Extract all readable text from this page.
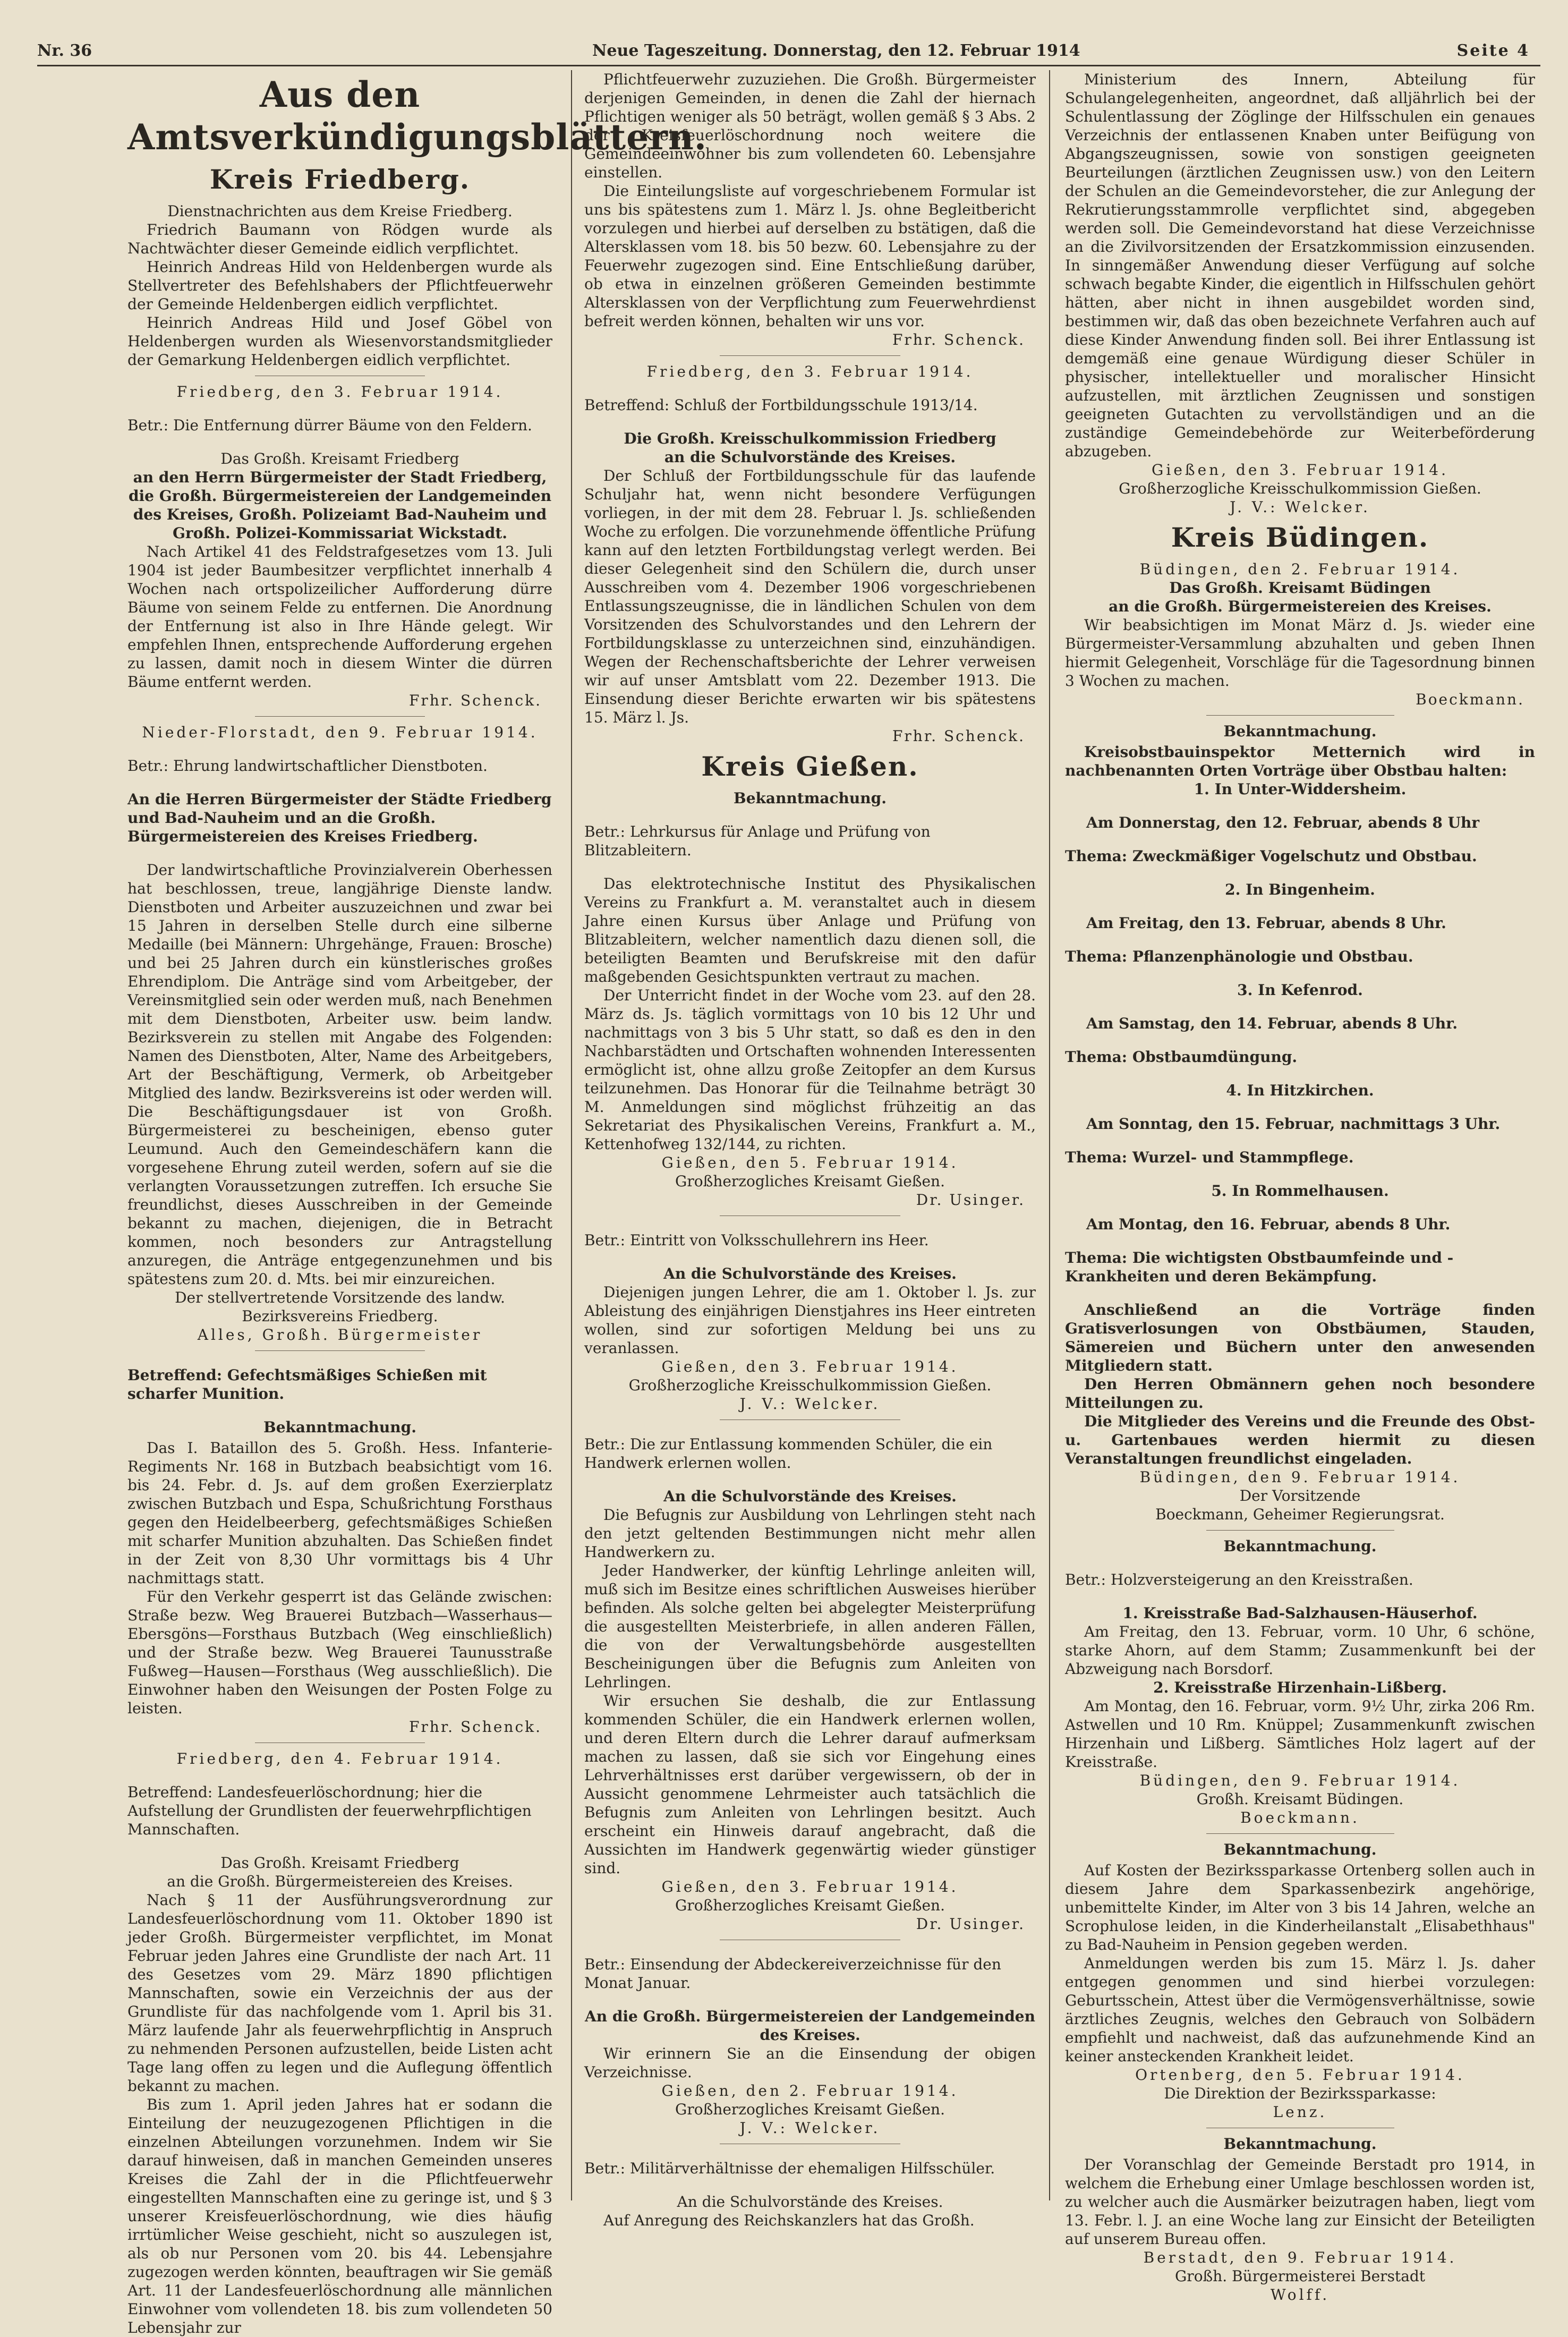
Nr. 36	Neue Tageszeitung. Donnerstag, den 12. Februar 1914	Seite 4
Aus den Amtsverkündigungsblättern.
Kreis Friedberg.

Dienstnachrichten aus dem Kreise Friedberg.

Friedrich Baumann von Rödgen wurde als Nachtwächter dieser Gemeinde eidlich verpflichtet.

Heinrich Andreas Hild von Heldenbergen wurde als Stellvertreter des Befehlshabers der Pflichtfeuerwehr der Gemeinde Heldenbergen eidlich verpflichtet.

Heinrich Andreas Hild und Josef Göbel von Heldenbergen wurden als Wiesenvorstandsmitglieder der Gemarkung Heldenbergen eidlich verpflichtet.

Friedberg, den 3. Februar 1914.

Betr.: Die Entfernung dürrer Bäume von den Feldern.

Das Großh. Kreisamt Friedberg

an den Herrn Bürgermeister der Stadt Friedberg, die Großh. Bürgermeistereien der Landgemeinden des Kreises, Großh. Polizeiamt Bad-Nauheim und Großh. Polizei-Kommissariat Wickstadt.

Nach Artikel 41 des Feldstrafgesetzes vom 13. Juli 1904 ist jeder Baumbesitzer verpflichtet innerhalb 4 Wochen nach ortspolizeilicher Aufforderung dürre Bäume von seinem Felde zu entfernen. Die Anordnung der Entfernung ist also in Ihre Hände gelegt. Wir empfehlen Ihnen, entsprechende Aufforderung ergehen zu lassen, damit noch in diesem Winter die dürren Bäume entfernt werden.

Frhr. Schenck.

Nieder-Florstadt, den 9. Februar 1914.

Betr.: Ehrung landwirtschaftlicher Dienstboten.

An die Herren Bürgermeister der Städte Friedberg und Bad-Nauheim und an die Großh. Bürgermeistereien des Kreises Friedberg.

Der landwirtschaftliche Provinzialverein Oberhessen hat beschlossen, treue, langjährige Dienste landw. Dienstboten und Arbeiter auszuzeichnen und zwar bei 15 Jahren in derselben Stelle durch eine silberne Medaille (bei Männern: Uhrgehänge, Frauen: Brosche) und bei 25 Jahren durch ein künstlerisches großes Ehrendiplom. Die Anträge sind vom Arbeitgeber, der Vereinsmitglied sein oder werden muß, nach Benehmen mit dem Dienstboten, Arbeiter usw. beim landw. Bezirksverein zu stellen mit Angabe des Folgenden: Namen des Dienstboten, Alter, Name des Arbeitgebers, Art der Beschäftigung, Vermerk, ob Arbeitgeber Mitglied des landw. Bezirksvereins ist oder werden will. Die Beschäftigungsdauer ist von Großh. Bürgermeisterei zu bescheinigen, ebenso guter Leumund. Auch den Gemeindeschäfern kann die vorgesehene Ehrung zuteil werden, sofern auf sie die verlangten Voraussetzungen zutreffen. Ich ersuche Sie freundlichst, dieses Ausschreiben in der Gemeinde bekannt zu machen, diejenigen, die in Betracht kommen, noch besonders zur Antragstellung anzuregen, die Anträge entgegenzunehmen und bis spätestens zum 20. d. Mts. bei mir einzureichen.

Der stellvertretende Vorsitzende des landw. Bezirksvereins Friedberg.

Alles, Großh. Bürgermeister

Betreffend: Gefechtsmäßiges Schießen mit scharfer Munition.

Bekanntmachung.

Das I. Bataillon des 5. Großh. Hess. Infanterie-Regiments Nr. 168 in Butzbach beabsichtigt vom 16. bis 24. Febr. d. Js. auf dem großen Exerzierplatz zwischen Butzbach und Espa, Schußrichtung Forsthaus gegen den Heidelbeerberg, gefechtsmäßiges Schießen mit scharfer Munition abzuhalten. Das Schießen findet in der Zeit von 8,30 Uhr vormittags bis 4 Uhr nachmittags statt.

Für den Verkehr gesperrt ist das Gelände zwischen: Straße bezw. Weg Brauerei Butzbach—Wasserhaus—Ebersgöns—Forsthaus Butzbach (Weg einschließlich) und der Straße bezw. Weg Brauerei Taunusstraße Fußweg—Hausen—Forsthaus (Weg ausschließlich). Die Einwohner haben den Weisungen der Posten Folge zu leisten.

Frhr. Schenck.

Friedberg, den 4. Februar 1914.

Betreffend: Landesfeuerlöschordnung; hier die Aufstellung der Grundlisten der feuerwehrpflichtigen Mannschaften.

Das Großh. Kreisamt Friedberg

an die Großh. Bürgermeistereien des Kreises.

Nach § 11 der Ausführungsverordnung zur Landesfeuerlöschordnung vom 11. Oktober 1890 ist jeder Großh. Bürgermeister verpflichtet, im Monat Februar jeden Jahres eine Grundliste der nach Art. 11 des Gesetzes vom 29. März 1890 pflichtigen Mannschaften, sowie ein Verzeichnis der aus der Grundliste für das nachfolgende vom 1. April bis 31. März laufende Jahr als feuerwehrpflichtig in Anspruch zu nehmenden Personen aufzustellen, beide Listen acht Tage lang offen zu legen und die Auflegung öffentlich bekannt zu machen.

Bis zum 1. April jeden Jahres hat er sodann die Einteilung der neuzugezogenen Pflichtigen in die einzelnen Abteilungen vorzunehmen. Indem wir Sie darauf hinweisen, daß in manchen Gemeinden unseres Kreises die Zahl der in die Pflichtfeuerwehr eingestellten Mannschaften eine zu geringe ist, und § 3 unserer Kreisfeuerlöschordnung, wie dies häufig irrtümlicher Weise geschieht, nicht so auszulegen ist, als ob nur Personen vom 20. bis 44. Lebensjahre zugezogen werden könnten, beauftragen wir Sie gemäß Art. 11 der Landesfeuerlöschordnung alle männlichen Einwohner vom vollendeten 18. bis zum vollendeten 50 Lebensjahr zur

Pflichtfeuerwehr zuzuziehen. Die Großh. Bürgermeister derjenigen Gemeinden, in denen die Zahl der hiernach Pflichtigen weniger als 50 beträgt, wollen gemäß § 3 Abs. 2 der Kreisfeuerlöschordnung noch weitere die Gemeindeeinwohner bis zum vollendeten 60. Lebensjahre einstellen.

Die Einteilungsliste auf vorgeschriebenem Formular ist uns bis spätestens zum 1. März l. Js. ohne Begleitbericht vorzulegen und hierbei auf derselben zu bstätigen, daß die Altersklassen vom 18. bis 50 bezw. 60. Lebensjahre zu der Feuerwehr zugezogen sind. Eine Entschließung darüber, ob etwa in einzelnen größeren Gemeinden bestimmte Altersklassen von der Verpflichtung zum Feuerwehrdienst befreit werden können, behalten wir uns vor.

Frhr. Schenck.

Friedberg, den 3. Februar 1914.

Betreffend: Schluß der Fortbildungsschule 1913/14.

Die Großh. Kreisschulkommission Friedberg

an die Schulvorstände des Kreises.

Der Schluß der Fortbildungsschule für das laufende Schuljahr hat, wenn nicht besondere Verfügungen vorliegen, in der mit dem 28. Februar l. Js. schließenden Woche zu erfolgen. Die vorzunehmende öffentliche Prüfung kann auf den letzten Fortbildungstag verlegt werden. Bei dieser Gelegenheit sind den Schülern die, durch unser Ausschreiben vom 4. Dezember 1906 vorgeschriebenen Entlassungszeugnisse, die in ländlichen Schulen von dem Vorsitzenden des Schulvorstandes und den Lehrern der Fortbildungsklasse zu unterzeichnen sind, einzuhändigen. Wegen der Rechenschaftsberichte der Lehrer verweisen wir auf unser Amtsblatt vom 22. Dezember 1913. Die Einsendung dieser Berichte erwarten wir bis spätestens 15. März l. Js.

Frhr. Schenck.

Kreis Gießen.

Bekanntmachung.

Betr.: Lehrkursus für Anlage und Prüfung von Blitzableitern.

Das elektrotechnische Institut des Physikalischen Vereins zu Frankfurt a. M. veranstaltet auch in diesem Jahre einen Kursus über Anlage und Prüfung von Blitzableitern, welcher namentlich dazu dienen soll, die beteiligten Beamten und Berufskreise mit den dafür maßgebenden Gesichtspunkten vertraut zu machen.

Der Unterricht findet in der Woche vom 23. auf den 28. März ds. Js. täglich vormittags von 10 bis 12 Uhr und nachmittags von 3 bis 5 Uhr statt, so daß es den in den Nachbarstädten und Ortschaften wohnenden Interessenten ermöglicht ist, ohne allzu große Zeitopfer an dem Kursus teilzunehmen. Das Honorar für die Teilnahme beträgt 30 M. Anmeldungen sind möglichst frühzeitig an das Sekretariat des Physikalischen Vereins, Frankfurt a. M., Kettenhofweg 132/144, zu richten.

Gießen, den 5. Februar 1914.

Großherzogliches Kreisamt Gießen.

Dr. Usinger.

Betr.: Eintritt von Volksschullehrern ins Heer.

An die Schulvorstände des Kreises.

Diejenigen jungen Lehrer, die am 1. Oktober l. Js. zur Ableistung des einjährigen Dienstjahres ins Heer eintreten wollen, sind zur sofortigen Meldung bei uns zu veranlassen.

Gießen, den 3. Februar 1914.

Großherzogliche Kreisschulkommission Gießen.

J. V.: Welcker.

Betr.: Die zur Entlassung kommenden Schüler, die ein Handwerk erlernen wollen.

An die Schulvorstände des Kreises.

Die Befugnis zur Ausbildung von Lehrlingen steht nach den jetzt geltenden Bestimmungen nicht mehr allen Handwerkern zu.

Jeder Handwerker, der künftig Lehrlinge anleiten will, muß sich im Besitze eines schriftlichen Ausweises hierüber befinden. Als solche gelten bei abgelegter Meisterprüfung die ausgestellten Meisterbriefe, in allen anderen Fällen, die von der Verwaltungsbehörde ausgestellten Bescheinigungen über die Befugnis zum Anleiten von Lehrlingen.

Wir ersuchen Sie deshalb, die zur Entlassung kommenden Schüler, die ein Handwerk erlernen wollen, und deren Eltern durch die Lehrer darauf aufmerksam machen zu lassen, daß sie sich vor Eingehung eines Lehrverhältnisses erst darüber vergewissern, ob der in Aussicht genommene Lehrmeister auch tatsächlich die Befugnis zum Anleiten von Lehrlingen besitzt. Auch erscheint ein Hinweis darauf angebracht, daß die Aussichten im Handwerk gegenwärtig wieder günstiger sind.

Gießen, den 3. Februar 1914.

Großherzogliches Kreisamt Gießen.

Dr. Usinger.

Betr.: Einsendung der Abdeckereiverzeichnisse für den Monat Januar.

An die Großh. Bürgermeistereien der Landgemeinden des Kreises.

Wir erinnern Sie an die Einsendung der obigen Verzeichnisse.

Gießen, den 2. Februar 1914.

Großherzogliches Kreisamt Gießen.

J. V.: Welcker.

Betr.: Militärverhältnisse der ehemaligen Hilfsschüler.

An die Schulvorstände des Kreises.

Auf Anregung des Reichskanzlers hat das Großh.

Ministerium des Innern, Abteilung für Schulangelegenheiten, angeordnet, daß alljährlich bei der Schulentlassung der Zöglinge der Hilfsschulen ein genaues Verzeichnis der entlassenen Knaben unter Beifügung von Abgangszeugnissen, sowie von sonstigen geeigneten Beurteilungen (ärztlichen Zeugnissen usw.) von den Leitern der Schulen an die Gemeindevorsteher, die zur Anlegung der Rekrutierungsstammrolle verpflichtet sind, abgegeben werden soll. Die Gemeindevorstand hat diese Verzeichnisse an die Zivilvorsitzenden der Ersatzkommission einzusenden. In sinngemäßer Anwendung dieser Verfügung auf solche schwach begabte Kinder, die eigentlich in Hilfsschulen gehört hätten, aber nicht in ihnen ausgebildet worden sind, bestimmen wir, daß das oben bezeichnete Verfahren auch auf diese Kinder Anwendung finden soll. Bei ihrer Entlassung ist demgemäß eine genaue Würdigung dieser Schüler in physischer, intellektueller und moralischer Hinsicht aufzustellen, mit ärztlichen Zeugnissen und sonstigen geeigneten Gutachten zu vervollständigen und an die zuständige Gemeindebehörde zur Weiterbeförderung abzugeben.

Gießen, den 3. Februar 1914.

Großherzogliche Kreisschulkommission Gießen.

J. V.: Welcker.

Kreis Büdingen.

Büdingen, den 2. Februar 1914.

Das Großh. Kreisamt Büdingen

an die Großh. Bürgermeistereien des Kreises.

Wir beabsichtigen im Monat März d. Js. wieder eine Bürgermeister-Versammlung abzuhalten und geben Ihnen hiermit Gelegenheit, Vorschläge für die Tagesordnung binnen 3 Wochen zu machen.

Boeckmann.

Bekanntmachung.

Kreisobstbauinspektor Metternich wird in nachbenannten Orten Vorträge über Obstbau halten:

1. In Unter-Widdersheim.

Am Donnerstag, den 12. Februar, abends 8 Uhr

Thema: Zweckmäßiger Vogelschutz und Obstbau.

2. In Bingenheim.

Am Freitag, den 13. Februar, abends 8 Uhr.

Thema: Pflanzenphänologie und Obstbau.

3. In Kefenrod.

Am Samstag, den 14. Februar, abends 8 Uhr.

Thema: Obstbaumdüngung.

4. In Hitzkirchen.

Am Sonntag, den 15. Februar, nachmittags 3 Uhr.

Thema: Wurzel- und Stammpflege.

5. In Rommelhausen.

Am Montag, den 16. Februar, abends 8 Uhr.

Thema: Die wichtigsten Obstbaumfeinde und -Krankheiten und deren Bekämpfung.

Anschließend an die Vorträge finden Gratisverlosungen von Obstbäumen, Stauden, Sämereien und Büchern unter den anwesenden Mitgliedern statt.

Den Herren Obmännern gehen noch besondere Mitteilungen zu.

Die Mitglieder des Vereins und die Freunde des Obst- u. Gartenbaues werden hiermit zu diesen Veranstaltungen freundlichst eingeladen.

Büdingen, den 9. Februar 1914.

Der Vorsitzende

Boeckmann, Geheimer Regierungsrat.

Bekanntmachung.

Betr.: Holzversteigerung an den Kreisstraßen.

1. Kreisstraße Bad-Salzhausen-Häuserhof.

Am Freitag, den 13. Februar, vorm. 10 Uhr, 6 schöne, starke Ahorn, auf dem Stamm; Zusammenkunft bei der Abzweigung nach Borsdorf.

2. Kreisstraße Hirzenhain-Lißberg.

Am Montag, den 16. Februar, vorm. 9½ Uhr, zirka 206 Rm. Astwellen und 10 Rm. Knüppel; Zusammenkunft zwischen Hirzenhain und Lißberg. Sämtliches Holz lagert auf der Kreisstraße.

Büdingen, den 9. Februar 1914.

Großh. Kreisamt Büdingen.

Boeckmann.

Bekanntmachung.

Auf Kosten der Bezirkssparkasse Ortenberg sollen auch in diesem Jahre dem Sparkassenbezirk angehörige, unbemittelte Kinder, im Alter von 3 bis 14 Jahren, welche an Scrophulose leiden, in die Kinderheilanstalt „Elisabethhaus" zu Bad-Nauheim in Pension gegeben werden.

Anmeldungen werden bis zum 15. März l. Js. daher entgegen genommen und sind hierbei vorzulegen: Geburtsschein, Attest über die Vermögensverhältnisse, sowie ärztliches Zeugnis, welches den Gebrauch von Solbädern empfiehlt und nachweist, daß das aufzunehmende Kind an keiner ansteckenden Krankheit leidet.

Ortenberg, den 5. Februar 1914.

Die Direktion der Bezirkssparkasse:

Lenz.

Bekanntmachung.

Der Voranschlag der Gemeinde Berstadt pro 1914, in welchem die Erhebung einer Umlage beschlossen worden ist, zu welcher auch die Ausmärker beizutragen haben, liegt vom 13. Febr. l. J. an eine Woche lang zur Einsicht der Beteiligten auf unserem Bureau offen.

Berstadt, den 9. Februar 1914.

Großh. Bürgermeisterei Berstadt

Wolff.
